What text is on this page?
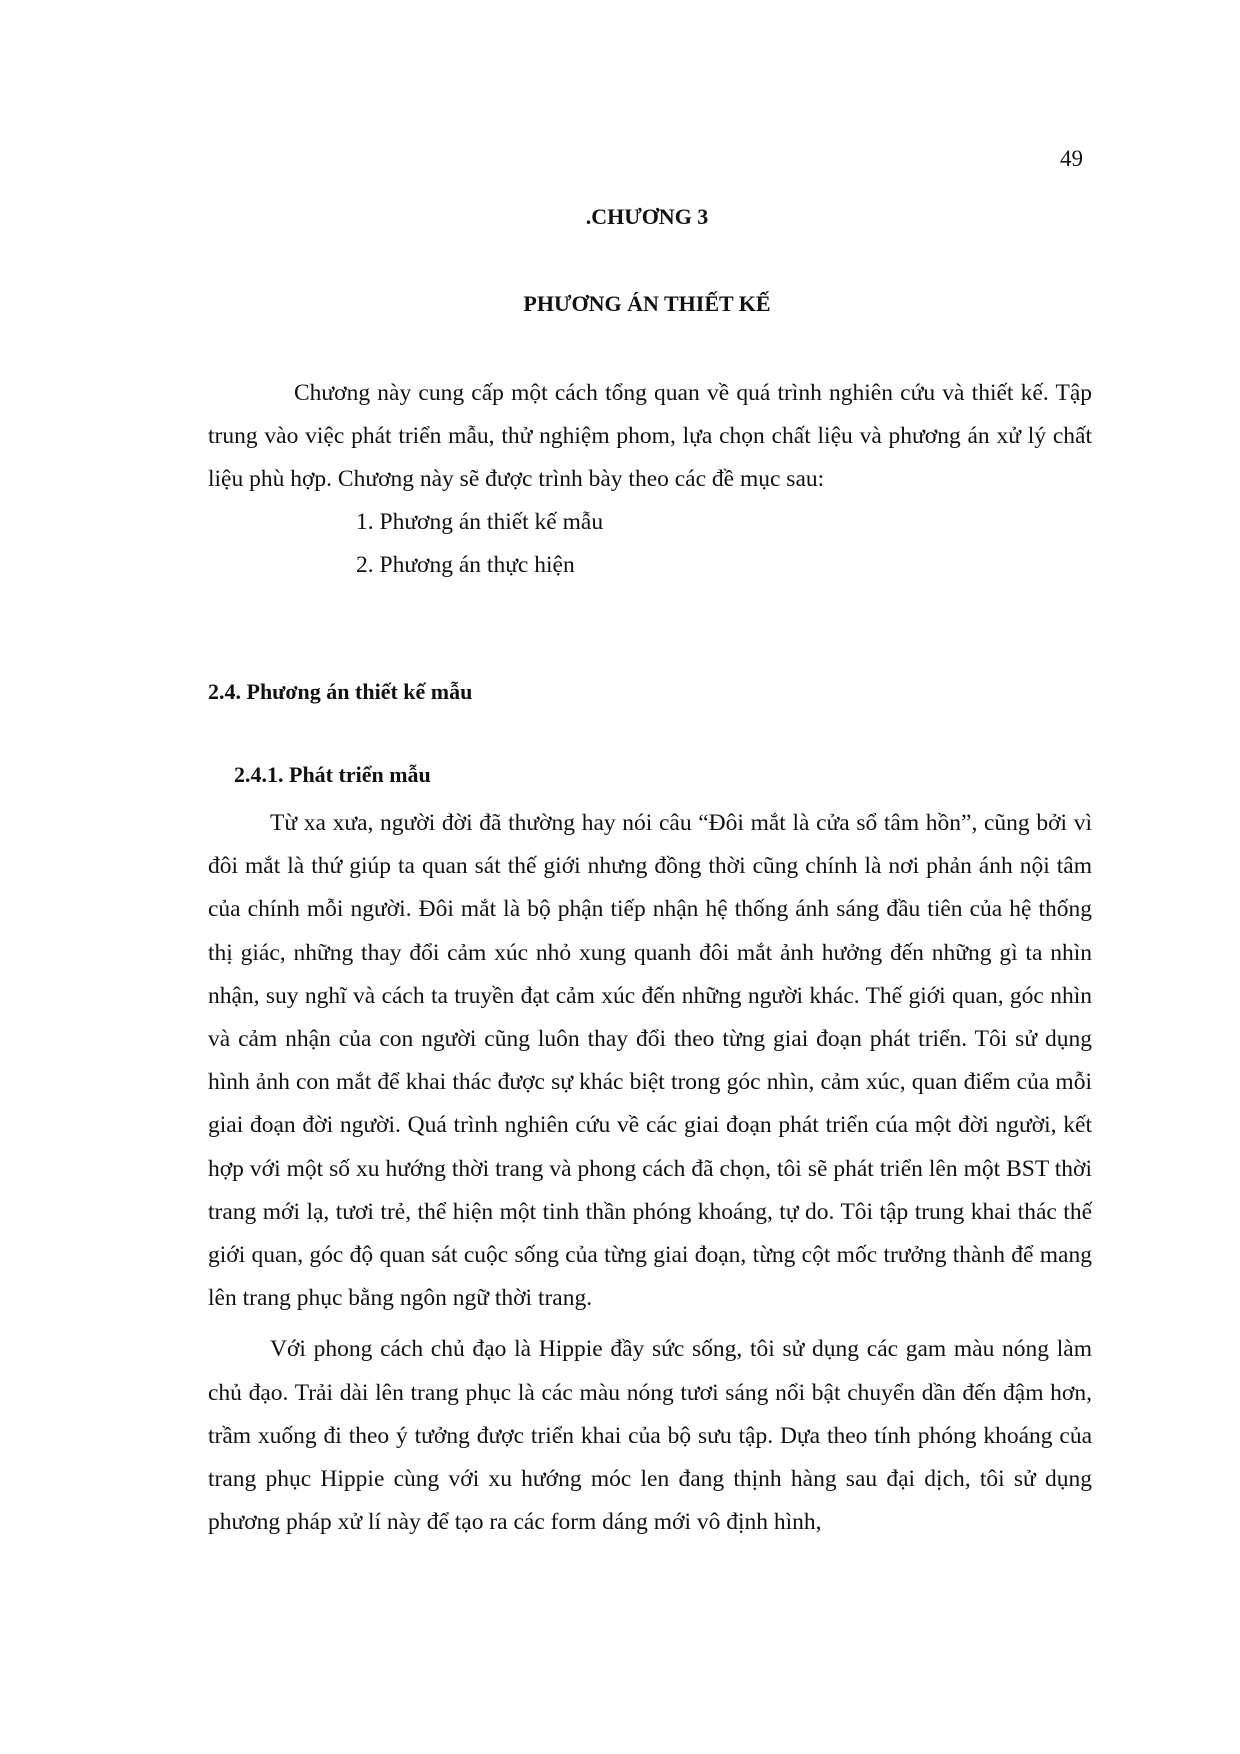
49
.CHƯƠNG 3
PHƯƠNG ÁN THIẾT KẾ

Chương này cung cấp một cách tổng quan về quá trình nghiên cứu và thiết kế. Tập trung vào việc phát triển mẫu, thử nghiệm phom, lựa chọn chất liệu và phương án xử lý chất liệu phù hợp. Chương này sẽ được trình bày theo các đề mục sau:

1. Phương án thiết kế mẫu
2. Phương án thực hiện
2.4. Phương án thiết kế mẫu
2.4.1. Phát triển mẫu

Từ xa xưa, người đời đã thường hay nói câu “Đôi mắt là cửa sổ tâm hồn”, cũng bởi vì đôi mắt là thứ giúp ta quan sát thế giới nhưng đồng thời cũng chính là nơi phản ánh nội tâm của chính mỗi người. Đôi mắt là bộ phận tiếp nhận hệ thống ánh sáng đầu tiên của hệ thống thị giác, những thay đổi cảm xúc nhỏ xung quanh đôi mắt ảnh hưởng đến những gì ta nhìn nhận, suy nghĩ và cách ta truyền đạt cảm xúc đến những người khác. Thế giới quan, góc nhìn và cảm nhận của con người cũng luôn thay đổi theo từng giai đoạn phát triển. Tôi sử dụng hình ảnh con mắt để khai thác được sự khác biệt trong góc nhìn, cảm xúc, quan điểm của mỗi giai đoạn đời người. Quá trình nghiên cứu về các giai đoạn phát triển cúa một đời người, kết hợp với một số xu hướng thời trang và phong cách đã chọn, tôi sẽ phát triển lên một BST thời trang mới lạ, tươi trẻ, thể hiện một tinh thần phóng khoáng, tự do. Tôi tập trung khai thác thế giới quan, góc độ quan sát cuộc sống của từng giai đoạn, từng cột mốc trưởng thành để mang lên trang phục bằng ngôn ngữ thời trang.

Với phong cách chủ đạo là Hippie đầy sức sống, tôi sử dụng các gam màu nóng làm chủ đạo. Trải dài lên trang phục là các màu nóng tươi sáng nổi bật chuyển dần đến đậm hơn, trầm xuống đi theo ý tưởng được triển khai của bộ sưu tập. Dựa theo tính phóng khoáng của trang phục Hippie cùng với xu hướng móc len đang thịnh hàng sau đại dịch, tôi sử dụng phương pháp xử lí này để tạo ra các form dáng mới vô định hình,
